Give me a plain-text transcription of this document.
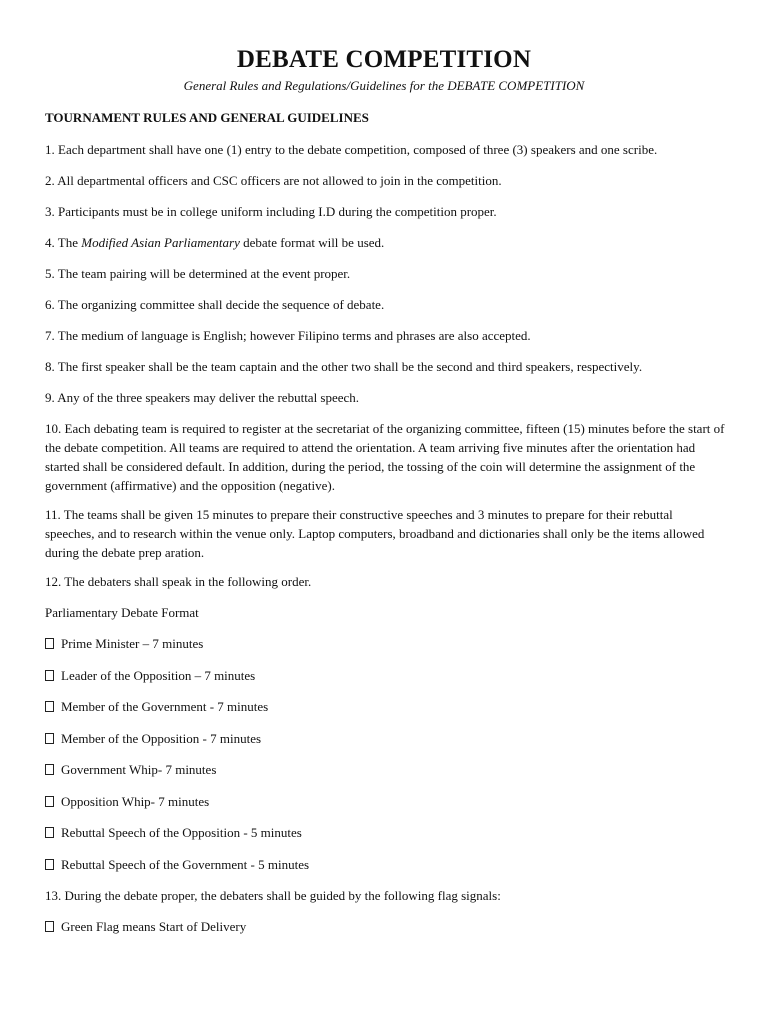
DEBATE COMPETITION
General Rules and Regulations/Guidelines for the DEBATE COMPETITION
TOURNAMENT RULES AND GENERAL GUIDELINES

1. Each department shall have one (1) entry to the debate competition, composed of three (3) speakers and one scribe.

2. All departmental officers and CSC officers are not allowed to join in the competition.

3. Participants must be in college uniform including I.D during the competition proper.

4. The Modified Asian Parliamentary debate format will be used.

5. The team pairing will be determined at the event proper.

6. The organizing committee shall decide the sequence of debate.

7. The medium of language is English; however Filipino terms and phrases are also accepted.

8. The first speaker shall be the team captain and the other two shall be the second and third speakers, respectively.

9. Any of the three speakers may deliver the rebuttal speech.

10. Each debating team is required to register at the secretariat of the organizing committee, fifteen (15) minutes before the start of the debate competition. All teams are required to attend the orientation. A team arriving five minutes after the orientation had started shall be considered default. In addition, during the period, the tossing of the coin will determine the assignment of the government (affirmative) and the opposition (negative).

11. The teams shall be given 15 minutes to prepare their constructive speeches and 3 minutes to prepare for their rebuttal speeches, and to research within the venue only. Laptop computers, broadband and dictionaries shall only be the items allowed during the debate prep aration.

12. The debaters shall speak in the following order.

Parliamentary Debate Format

Prime Minister – 7 minutes
Leader of the Opposition – 7 minutes
Member of the Government - 7 minutes
Member of the Opposition - 7 minutes
Government Whip- 7 minutes
Opposition Whip- 7 minutes
Rebuttal Speech of the Opposition - 5 minutes
Rebuttal Speech of the Government - 5 minutes

13. During the debate proper, the debaters shall be guided by the following flag signals:

Green Flag means Start of Delivery
